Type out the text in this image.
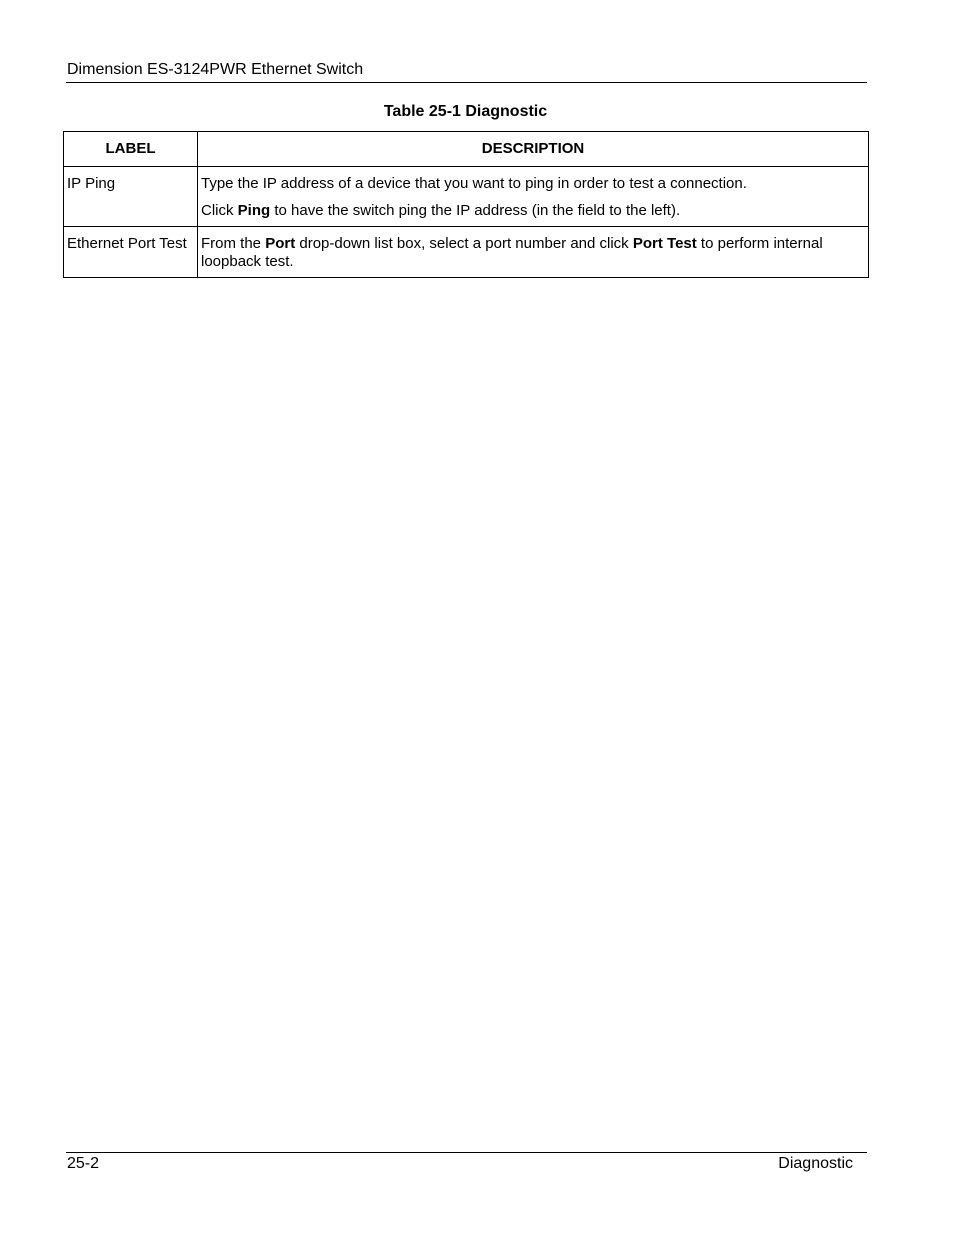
Dimension ES-3124PWR Ethernet Switch
Table 25-1 Diagnostic
LABEL	DESCRIPTION
IP Ping	Type the IP address of a device that you want to ping in order to test a connection.

Click Ping to have the switch ping the IP address (in the field to the left).

Ethernet Port Test	From the Port drop-down list box, select a port number and click Port Test to perform internal loopback test.

25-2	Diagnostic
